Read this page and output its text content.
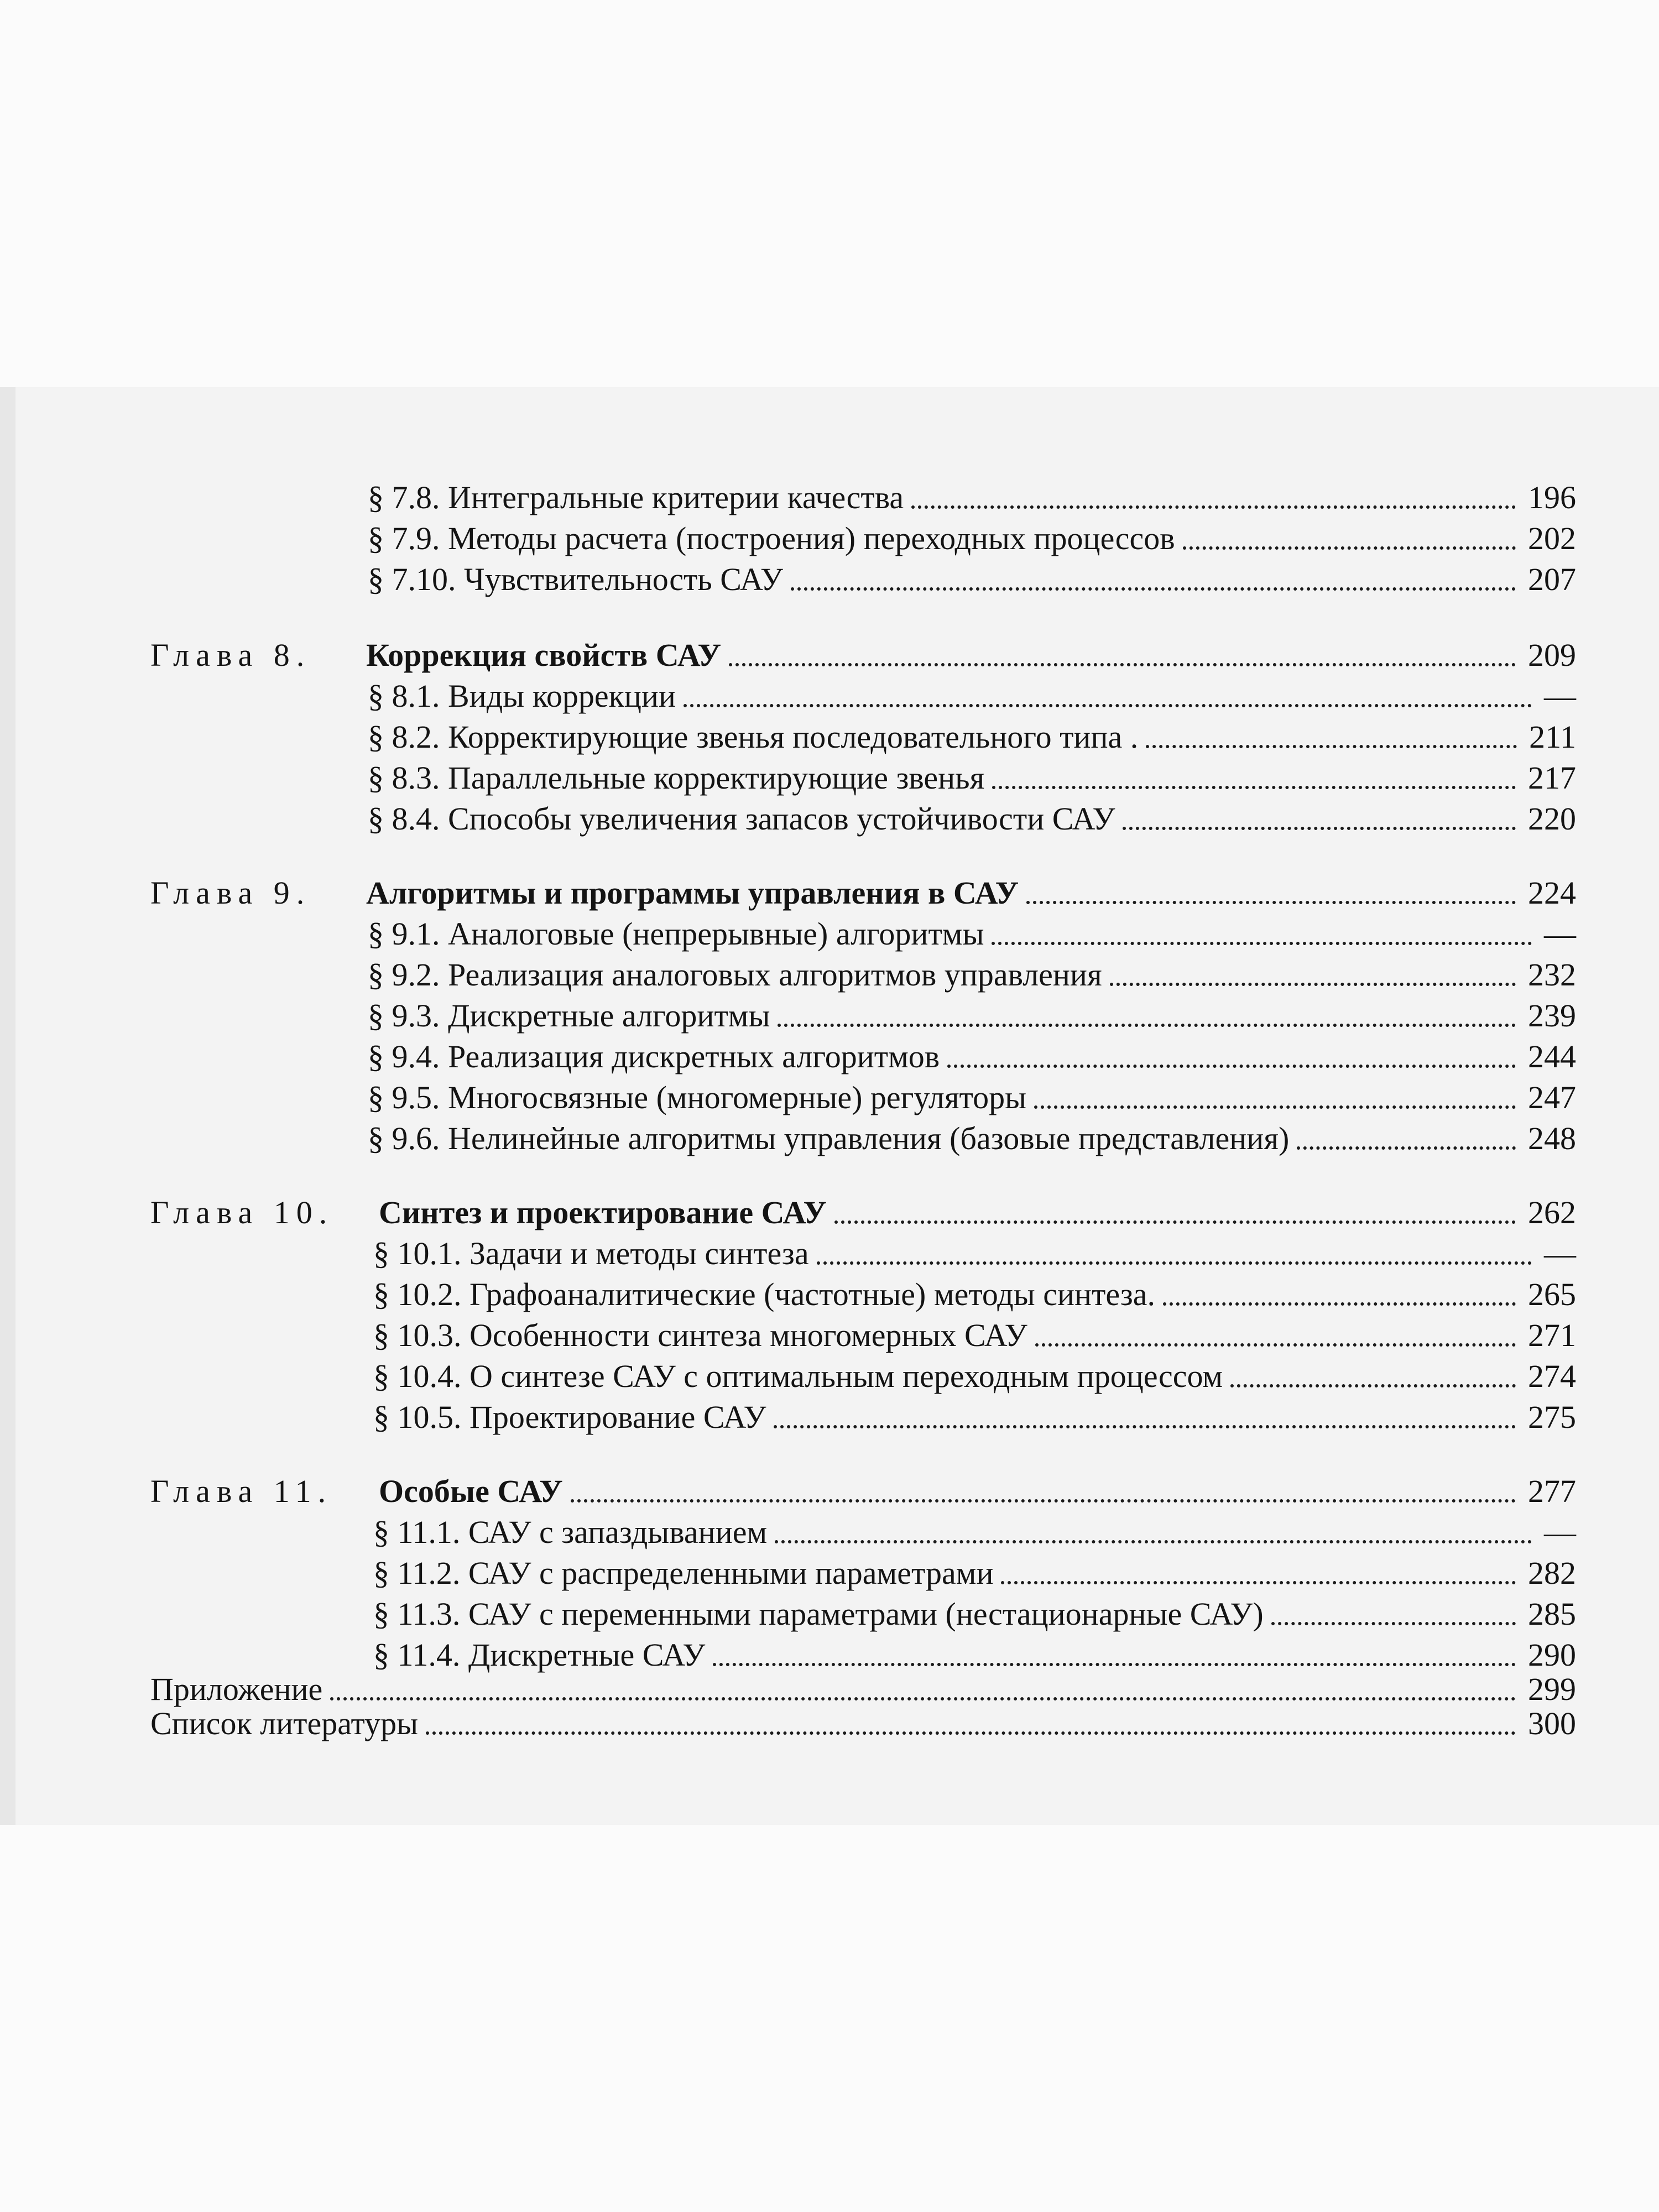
§ 7.8. Интегральные критерии качества	196
§ 7.9. Методы расчета (построения) переходных процессов	202
§ 7.10. Чувствительность САУ	207
Глава 8. Коррекция свойств САУ	209
§ 8.1. Виды коррекции	—
§ 8.2. Корректирующие звенья последовательного типа .	211
§ 8.3. Параллельные корректирующие звенья	217
§ 8.4. Способы увеличения запасов устойчивости САУ	220
Глава 9. Алгоритмы и программы управления в САУ	224
§ 9.1. Аналоговые (непрерывные) алгоритмы	—
§ 9.2. Реализация аналоговых алгоритмов управления	232
§ 9.3. Дискретные алгоритмы	239
§ 9.4. Реализация дискретных алгоритмов	244
§ 9.5. Многосвязные (многомерные) регуляторы	247
§ 9.6. Нелинейные алгоритмы управления (базовые представления)	248
Глава 10. Синтез и проектирование САУ	262
§ 10.1. Задачи и методы синтеза	—
§ 10.2. Графоаналитические (частотные) методы синтеза.	265
§ 10.3. Особенности синтеза многомерных САУ	271
§ 10.4. О синтезе САУ с оптимальным переходным процессом	274
§ 10.5. Проектирование САУ	275
Глава 11. Особые САУ	277
§ 11.1. САУ с запаздыванием	—
§ 11.2. САУ с распределенными параметрами	282
§ 11.3. САУ с переменными параметрами (нестационарные САУ)	285
§ 11.4. Дискретные САУ	290
Приложение	299
Список литературы	300
